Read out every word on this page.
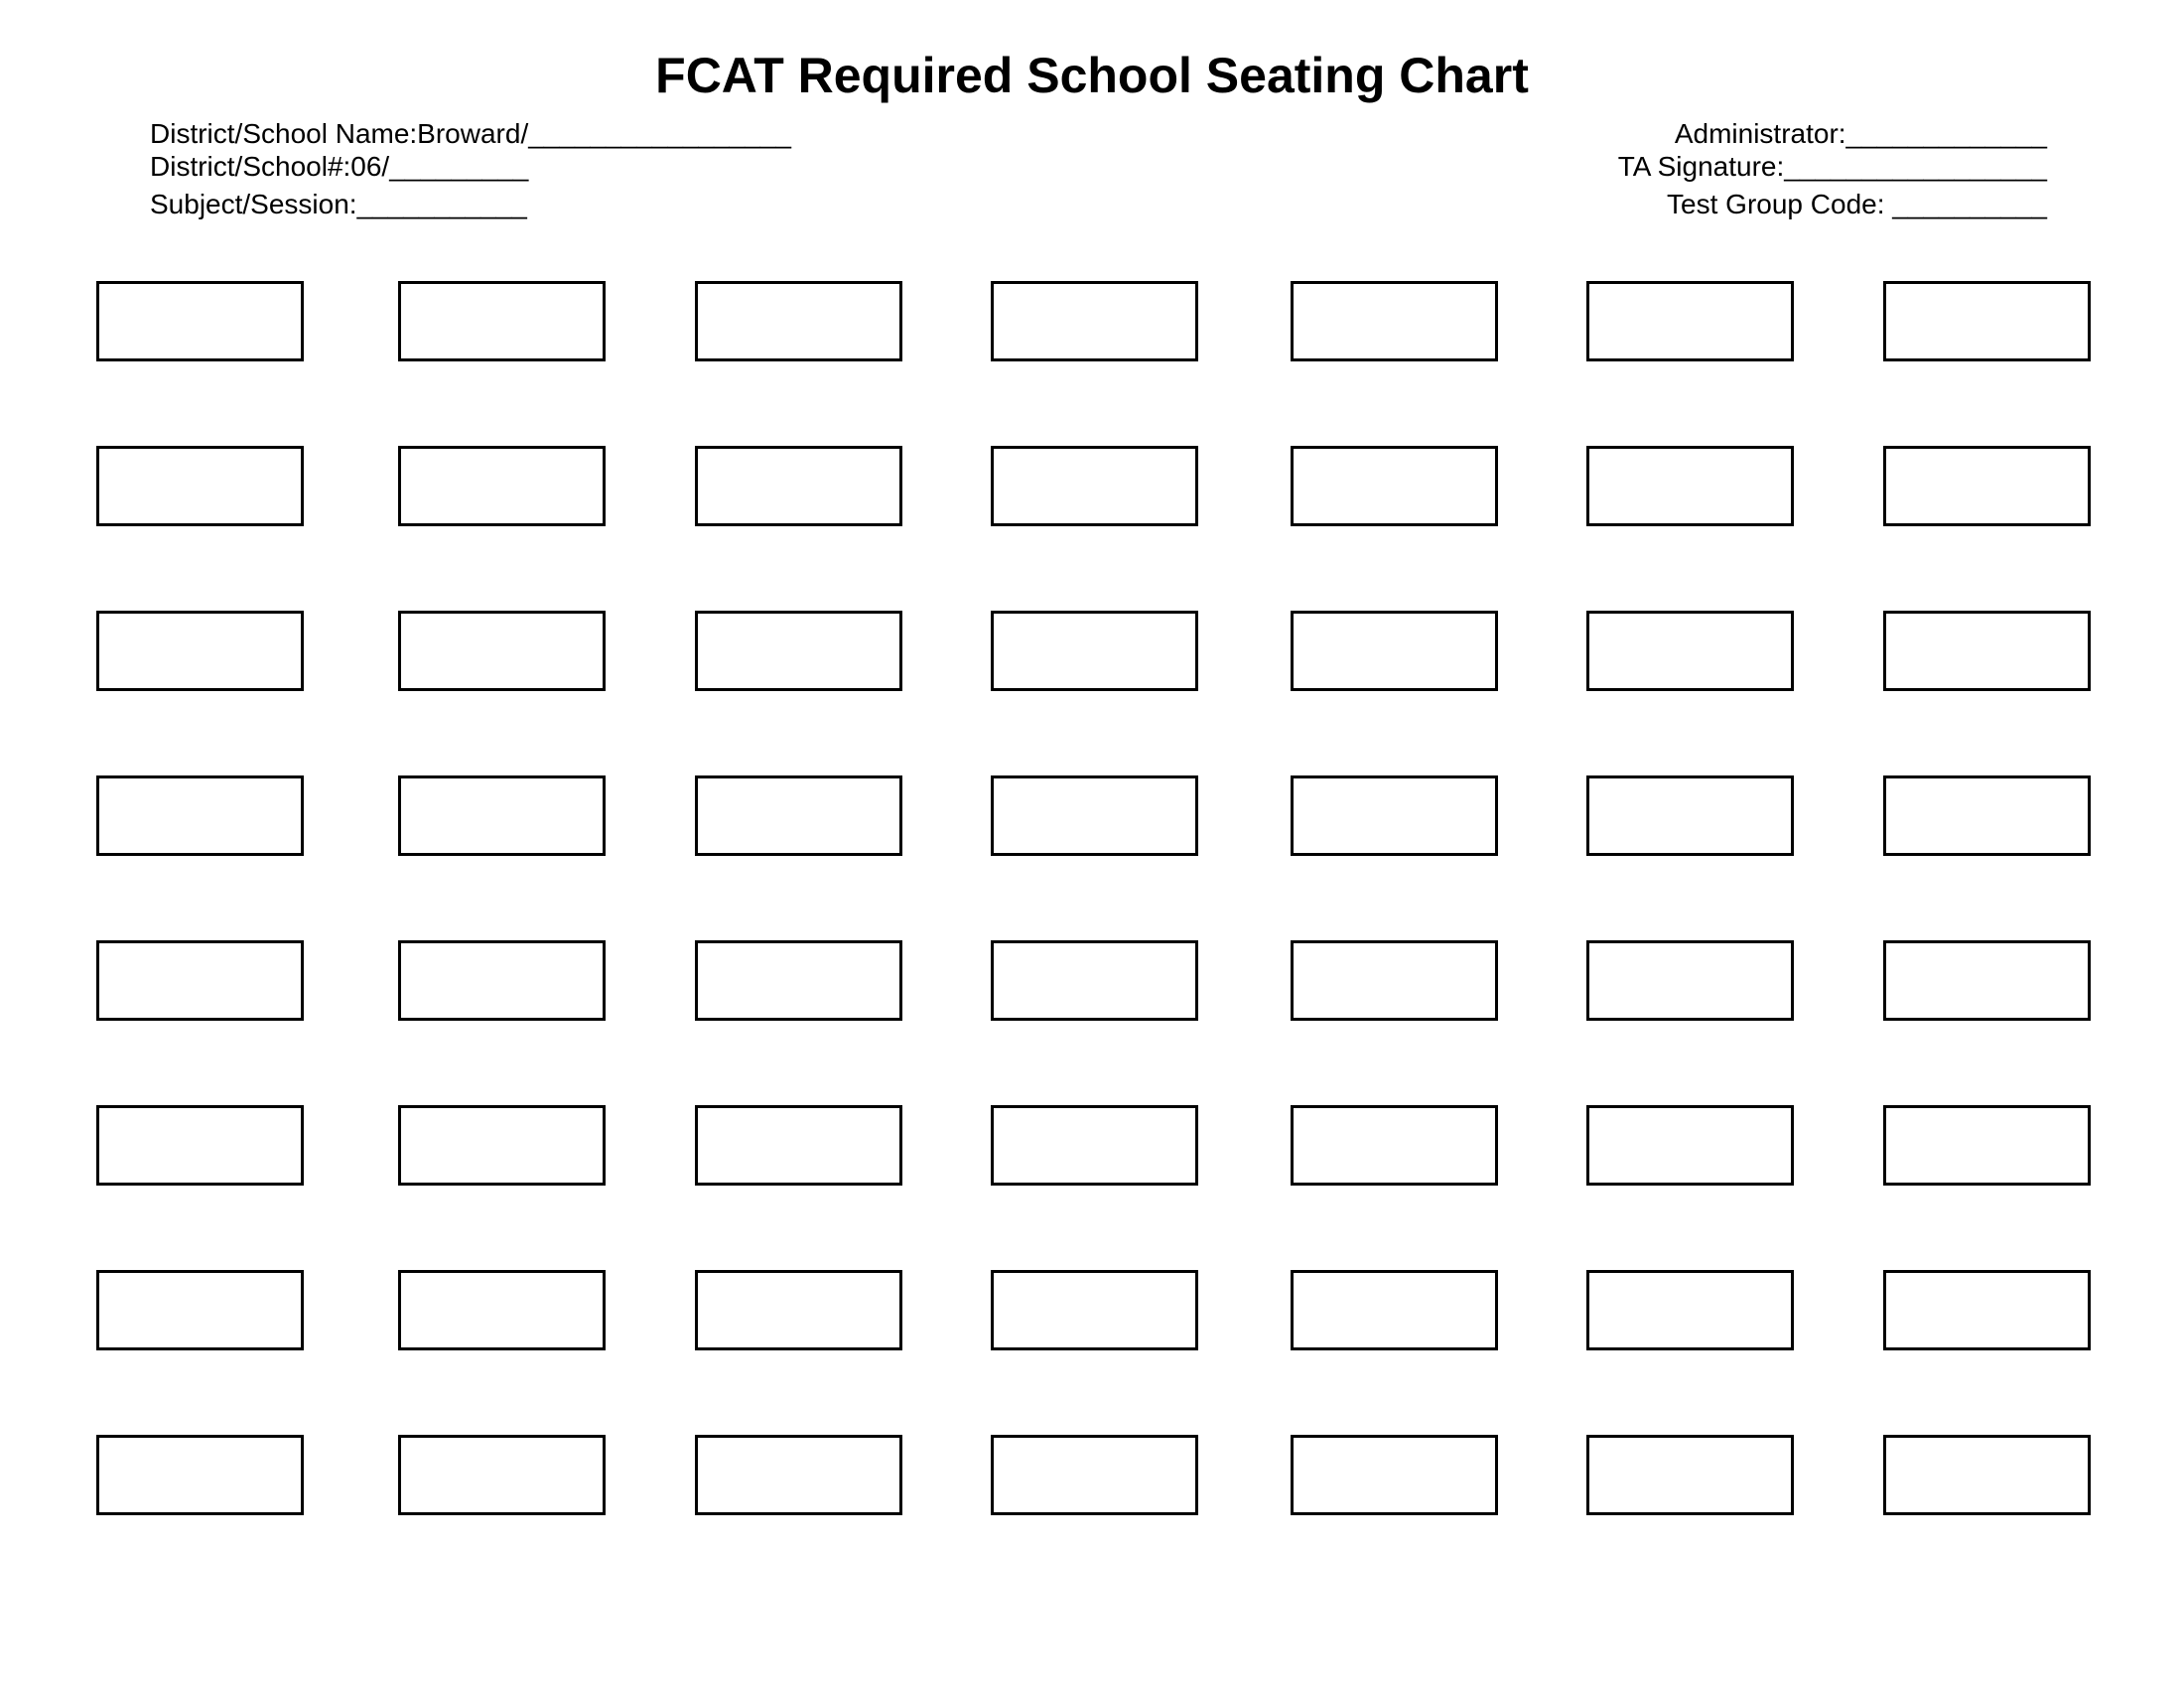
FCAT Required School Seating Chart
District/School Name:Broward/_________________
District/School#:06/_________
Subject/Session:___________
Administrator:_____________
TA Signature:_________________
Test Group Code: __________
